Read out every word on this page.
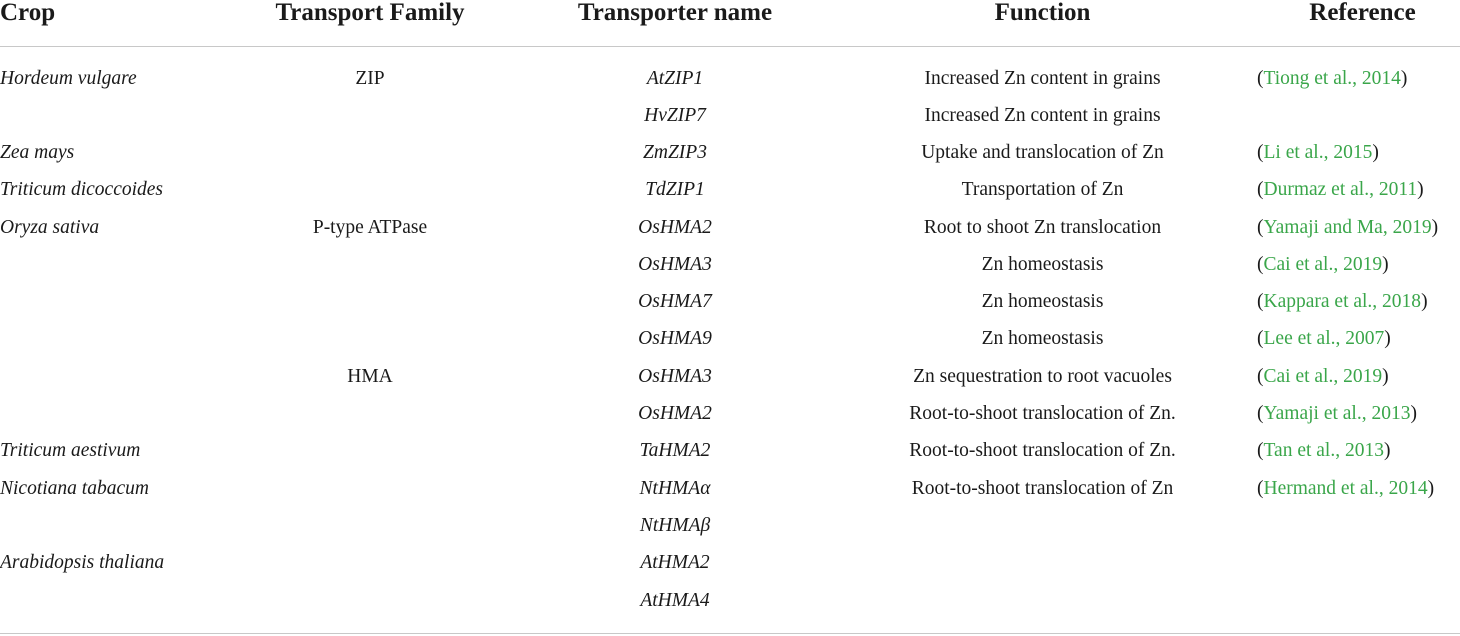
Crop	Transport Family	Transporter name	Function	Reference
Hordeum vulgare	ZIP	AtZIP1	Increased Zn content in grains	(Tiong et al., 2014)
		HvZIP7	Increased Zn content in grains	
Zea mays		ZmZIP3	Uptake and translocation of Zn	(Li et al., 2015)
Triticum dicoccoides		TdZIP1	Transportation of Zn	(Durmaz et al., 2011)
Oryza sativa	P-type ATPase	OsHMA2	Root to shoot Zn translocation	(Yamaji and Ma, 2019)
		OsHMA3	Zn homeostasis	(Cai et al., 2019)
		OsHMA7	Zn homeostasis	(Kappara et al., 2018)
		OsHMA9	Zn homeostasis	(Lee et al., 2007)
	HMA	OsHMA3	Zn sequestration to root vacuoles	(Cai et al., 2019)
		OsHMA2	Root-to-shoot translocation of Zn.	(Yamaji et al., 2013)
Triticum aestivum		TaHMA2	Root-to-shoot translocation of Zn.	(Tan et al., 2013)
Nicotiana tabacum		NtHMAα	Root-to-shoot translocation of Zn	(Hermand et al., 2014)
		NtHMAβ		
Arabidopsis thaliana		AtHMA2		
		AtHMA4		
